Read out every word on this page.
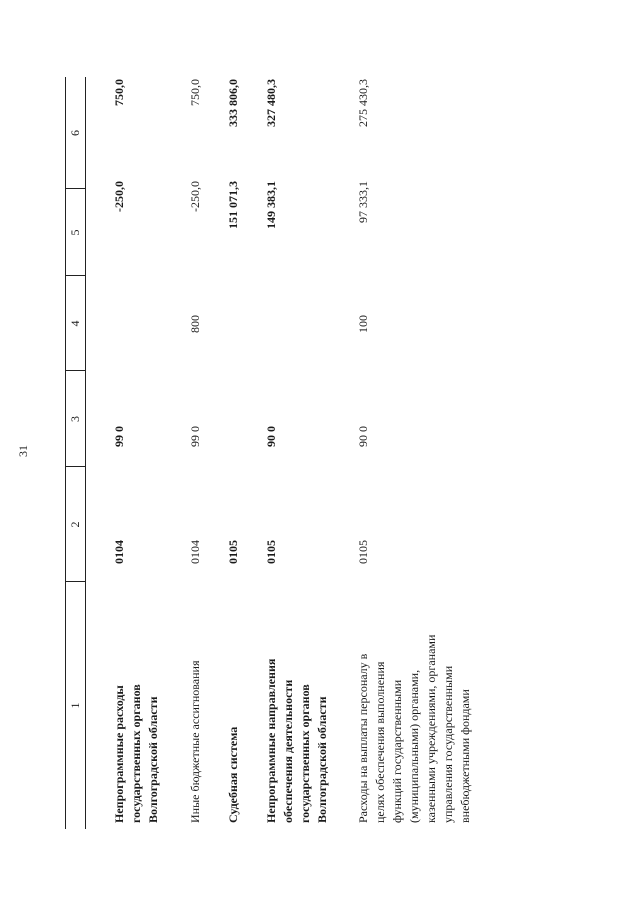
31
1
2
3
4
5
6
Непрограммные расходы государственных органов Волгоградской области
0104
99 0
-250,0
750,0
Иные бюджетные ассигнования
0104
99 0
800
-250,0
750,0
Судебная система
0105
151 071,3
333 806,0
Непрограммные направления обеспечения деятельности государственных органов Волгоградской области
0105
90 0
149 383,1
327 480,3
Расходы на выплаты персоналу в целях обеспечения выполнения функций государственными (муниципальными) органами, казенными учреждениями, органами управления государственными внебюджетными фондами
0105
90 0
100
97 333,1
275 430,3
